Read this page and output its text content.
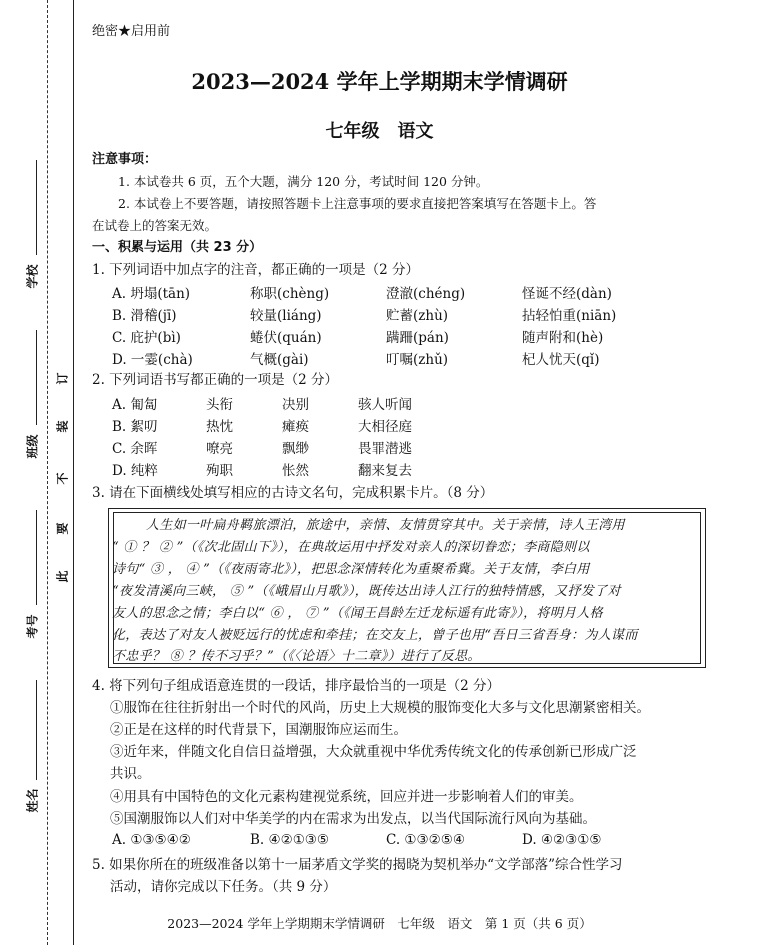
学校
班级
考号
姓名
订
装
不
要
此
绝密★启用前
2023—2024 学年上学期期末学情调研
七年级　语文
注意事项：
1. 本试卷共 6 页，五个大题，满分 120 分，考试时间 120 分钟。
2. 本试卷上不要答题，请按照答题卡上注意事项的要求直接把答案填写在答题卡上。答
在试卷上的答案无效。
一、积累与运用（共 23 分）
1. 下列词语中加点字的注音，都正确的一项是（2 分）
A. 坍塌(tān)	称职(chèng)	澄澈(chéng)	怪诞不经(dàn)
B. 滑稽(jī)	较量(liáng)	贮蓄(zhù)	拈轻怕重(niān)
C. 庇护(bì)	蜷伏(quán)	蹒跚(pán)	随声附和(hè)
D. 一霎(chà)	气概(gài)	叮嘱(zhǔ)	杞人忧天(qǐ)
2. 下列词语书写都正确的一项是（2 分）
A. 匍匐	头衔	决别	骇人听闻
B. 絮叨	热忱	瘫痪	大相径庭
C. 余晖	嘹亮	飘缈	畏罪潜逃
D. 纯粹	殉职	怅然	翻来复去
3. 请在下面横线处填写相应的古诗文名句，完成积累卡片。（8 分）
人生如一叶扁舟羁旅漂泊，旅途中，亲情、友情贯穿其中。关于亲情，诗人王湾用
“ ① ？ ② ”（《次北固山下》），在典故运用中抒发对亲人的深切眷恋；李商隐则以
诗句“ ③ ， ④ ”（《夜雨寄北》），把思念深情转化为重聚希冀。关于友情，李白用
“夜发清溪向三峡， ⑤ ”（《峨眉山月歌》），既传达出诗人江行的独特情感，又抒发了对
友人的思念之情；李白以“ ⑥ ， ⑦ ”（《闻王昌龄左迁龙标遥有此寄》），将明月人格
化，表达了对友人被贬远行的忧虑和牵挂；在交友上，曾子也用“吾日三省吾身：为人谋而
不忠乎？ ⑧ ？传不习乎？”（《〈论语〉十二章》）进行了反思。
4. 将下列句子组成语意连贯的一段话，排序最恰当的一项是（2 分）
①服饰在往往折射出一个时代的风尚，历史上大规模的服饰变化大多与文化思潮紧密相关。
②正是在这样的时代背景下，国潮服饰应运而生。
③近年来，伴随文化自信日益增强，大众就重视中华优秀传统文化的传承创新已形成广泛
共识。
④用具有中国特色的文化元素构建视觉系统，回应并进一步影响着人们的审美。
⑤国潮服饰以人们对中华美学的内在需求为出发点，以当代国际流行风向为基础。
A. ①③⑤④②	B. ④②①③⑤	C. ①③②⑤④	D. ④②③①⑤
5. 如果你所在的班级准备以第十一届茅盾文学奖的揭晓为契机举办“文学部落”综合性学习
活动，请你完成以下任务。（共 9 分）
2023—2024 学年上学期期末学情调研　七年级　语文　第 1 页（共 6 页）
